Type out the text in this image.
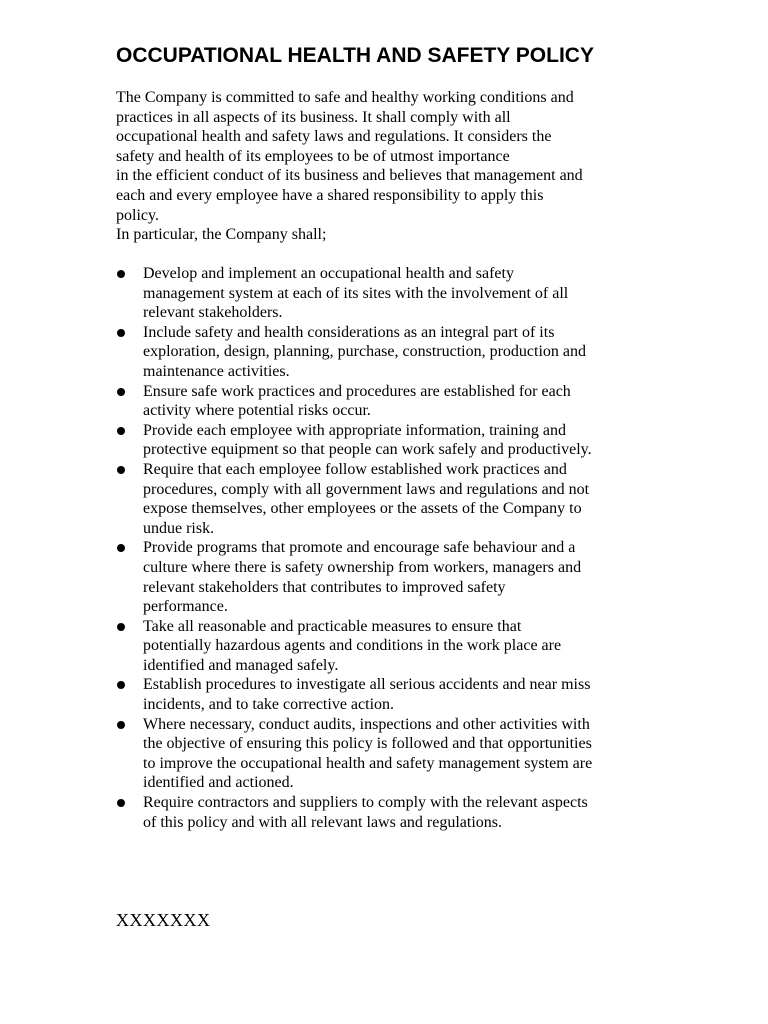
OCCUPATIONAL HEALTH AND SAFETY POLICY

The Company is committed to safe and healthy working conditions and
practices in all aspects of its business. It shall comply with all
occupational health and safety laws and regulations. It considers the
safety and health of its employees to be of utmost importance
in the efficient conduct of its business and believes that management and
each and every employee have a shared responsibility to apply this
policy.

In particular, the Company shall;

Develop and implement an occupational health and safety
management system at each of its sites with the involvement of all
relevant stakeholders.
Include safety and health considerations as an integral part of its
exploration, design, planning, purchase, construction, production and
maintenance activities.
Ensure safe work practices and procedures are established for each
activity where potential risks occur.
Provide each employee with appropriate information, training and
protective equipment so that people can work safely and productively.
Require that each employee follow established work practices and
procedures, comply with all government laws and regulations and not
expose themselves, other employees or the assets of the Company to
undue risk.
Provide programs that promote and encourage safe behaviour and a
culture where there is safety ownership from workers, managers and
relevant stakeholders that contributes to improved safety
performance.
Take all reasonable and practicable measures to ensure that
potentially hazardous agents and conditions in the work place are
identified and managed safely.
Establish procedures to investigate all serious accidents and near miss
incidents, and to take corrective action.
Where necessary, conduct audits, inspections and other activities with
the objective of ensuring this policy is followed and that opportunities
to improve the occupational health and safety management system are
identified and actioned.
Require contractors and suppliers to comply with the relevant aspects
of this policy and with all relevant laws and regulations.

XXXXXXX
